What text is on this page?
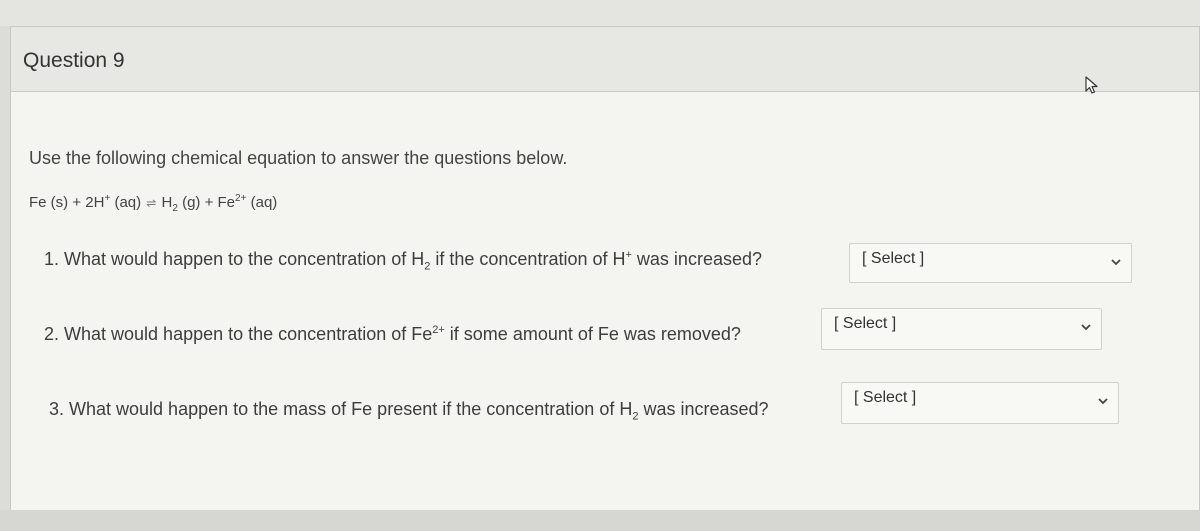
Question 9
Use the following chemical equation to answer the questions below.
Fe (s) + 2H+ (aq) ⇌ $H_2$ $(g) + Fe^{2+}$ (aq)
1. What would happen to the concentration of $H_2$ if the concentration of H+ was increased?	[ Select ]
2. What would happen to the concentration of $Fe^{2+}$ if some amount of Fe was removed?
[ Select ]
3. What would happen to the mass of Fe present if the concentration of $H_2$ was increased?
[ Select ]
